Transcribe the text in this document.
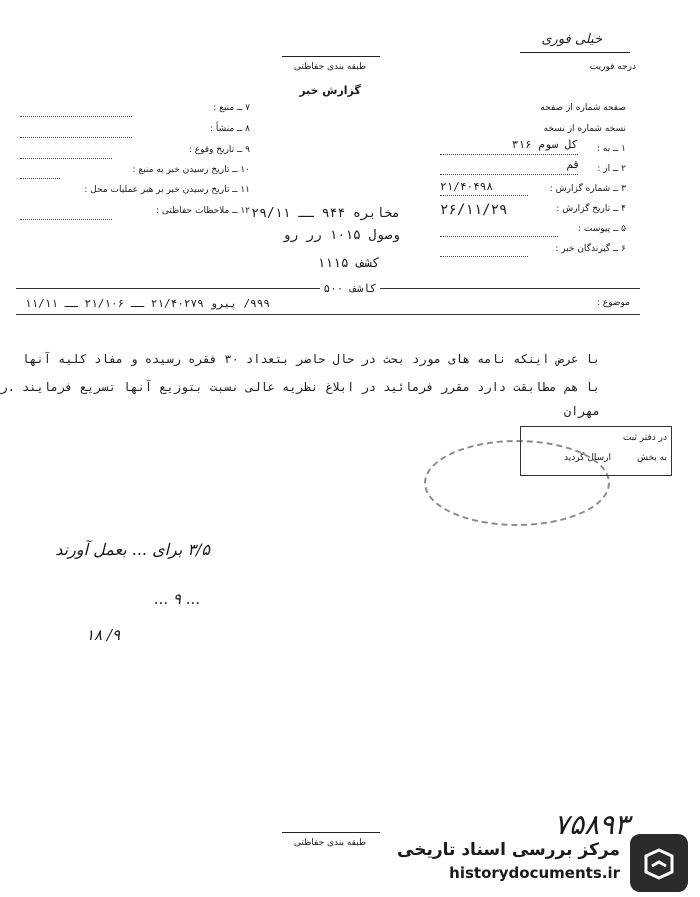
خیلی فوری
درجه فوریت
طبقه بندی حفاظتی
گزارش خبر
۷ ــ منبع :
۸ ــ منشأ :
۹ ــ تاریخ وقوع :
۱۰ ــ تاریخ رسیدن خبر به منبع :
۱۱ ــ تاریخ رسیدن خبر بر هبر عملیات محل :
۱۲ ــ ملاحظات حفاظتی :
صفحه شماره از صفحه
نسخه شماره از نسخه
۱ ــ به :
۲ ــ از :
۳ ــ شماره گزارش :
۴ ــ تاریخ گزارش :
۵ ــ پیوست :
۶ ــ گیرندگان خبر :
کل سوم ۳۱۶
قم
۲۱/۴۰۴۹۸
۲۶/۱۱/۲۹
مخابره ۹۴۴ ــ ۲۹/۱۱
وصول ۱۰۱۵ رر رو
کشف ۱۱۱۵
کاشف ۵۰۰
موضوع :
۹۹۹/ پیرو ۲۱/۴۰۲۷۹ ــ ۲۱/۱۰۶ ــ ۱۱/۱۱
با عرض اینکه نامه های مورد بحث در حال حاضر بتعداد ۳۰ فقره رسیده و مفاد کلیه آنها
با هم مطابقت دارد مقرر فرمائید در ابلاغ نظریه عالی نسبت بتوزیع آنها تسریع فرمایند .ر
مهران
در دفتر ثبت
به بخش
ارسال گردید
۳/۵ برای ... بعمل آورند
... ۹ ...
۹/ ۱۸
طبقه بندی حفاظتی
۷۵۸۹۳
مرکز بررسی اسناد تاریخی
historydocuments.ir
